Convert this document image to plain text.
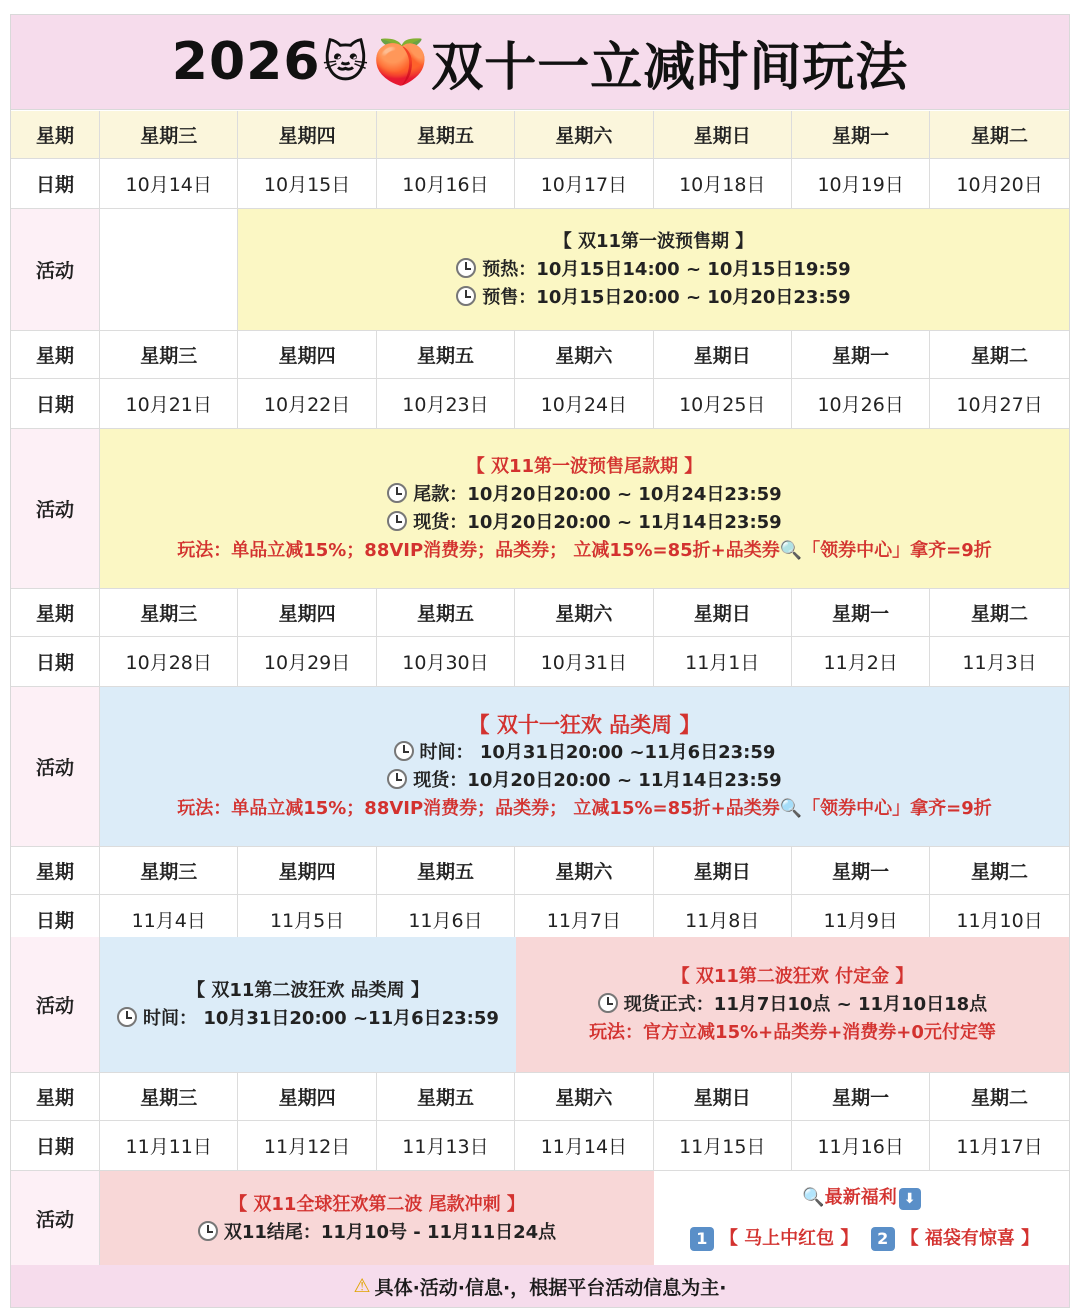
2026 🐱 🍑 双十一立减时间玩法
星期	星期三	星期四	星期五	星期六	星期日	星期一	星期二
日期	10月14日	10月15日	10月16日	10月17日	10月18日	10月19日	10月20日
活动
【 双11第一波预售期 】
预热：10月15日14:00 ~ 10月15日19:59
预售：10月15日20:00 ~ 10月20日23:59
星期	星期三	星期四	星期五	星期六	星期日	星期一	星期二
日期	10月21日	10月22日	10月23日	10月24日	10月25日	10月26日	10月27日
活动
【 双11第一波预售尾款期 】
尾款：10月20日20:00 ~ 10月24日23:59
现货：10月20日20:00 ~ 11月14日23:59
玩法：单品立减15%；88VIP消费券；品类券； 立减15%=85折+品类券🔍「领券中心」拿齐=9折
星期	星期三	星期四	星期五	星期六	星期日	星期一	星期二
日期	10月28日	10月29日	10月30日	10月31日	11月1日	11月2日	11月3日
活动
【 双十一狂欢 品类周 】
时间： 10月31日20:00 ~11月6日23:59
现货：10月20日20:00 ~ 11月14日23:59
玩法：单品立减15%；88VIP消费券；品类券； 立减15%=85折+品类券🔍「领券中心」拿齐=9折
星期	星期三	星期四	星期五	星期六	星期日	星期一	星期二
日期	11月4日	11月5日	11月6日	11月7日	11月8日	11月9日	11月10日
活动
【 双11第二波狂欢 品类周 】
时间： 10月31日20:00 ~11月6日23:59
【 双11第二波狂欢 付定金 】
现货正式：11月7日10点 ~ 11月10日18点
玩法：官方立减15%+品类券+消费券+0元付定等
星期	星期三	星期四	星期五	星期六	星期日	星期一	星期二
日期	11月11日	11月12日	11月13日	11月14日	11月15日	11月16日	11月17日
活动
【 双11全球狂欢第二波 尾款冲刺 】
双11结尾：11月10号 - 11月11日24点
🔍最新福利 ⬇
1 【 马上中红包 】 2 【 福袋有惊喜 】
⚠ 具体·活动·信息·，根据平台活动信息为主·
